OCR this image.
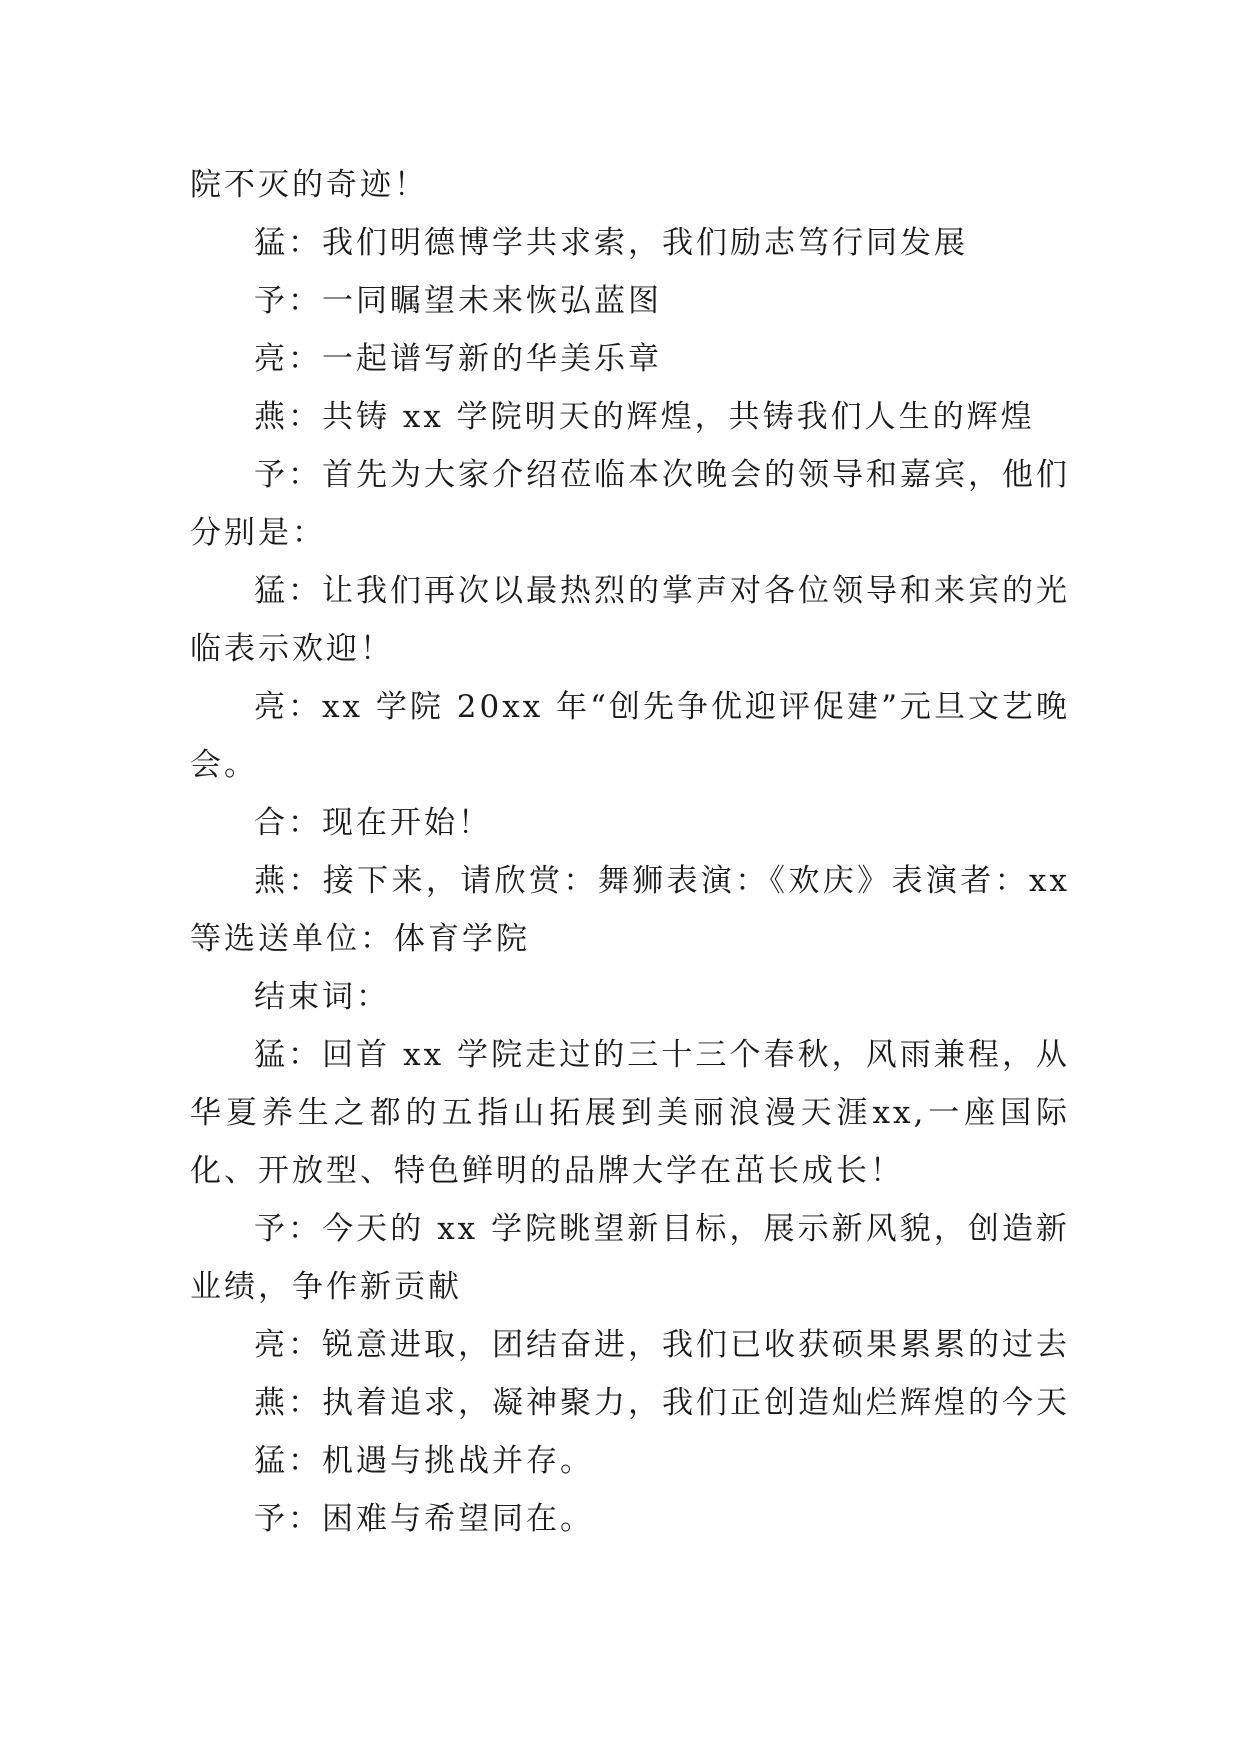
院不灭的奇迹！

猛：我们明德博学共求索，我们励志笃行同发展

予：一同瞩望未来恢弘蓝图

亮：一起谱写新的华美乐章

燕：共铸 xx 学院明天的辉煌，共铸我们人生的辉煌

予：首先为大家介绍莅临本次晚会的领导和嘉宾，他们分别是：

猛：让我们再次以最热烈的掌声对各位领导和来宾的光临表示欢迎！

亮：xx 学院 20xx 年“创先争优迎评促建”元旦文艺晚会。

合：现在开始！

燕：接下来，请欣赏：舞狮表演：《欢庆》表演者：xx 等选送单位：体育学院

结束词：

猛：回首 xx 学院走过的三十三个春秋，风雨兼程，从华夏养生之都的五指山拓展到美丽浪漫天涯xx,一座国际化、开放型、特色鲜明的品牌大学在茁长成长！

予：今天的 xx 学院眺望新目标，展示新风貌，创造新业绩，争作新贡献

亮：锐意进取，团结奋进，我们已收获硕果累累的过去

燕：执着追求，凝神聚力，我们正创造灿烂辉煌的今天

猛：机遇与挑战并存。

予：困难与希望同在。
